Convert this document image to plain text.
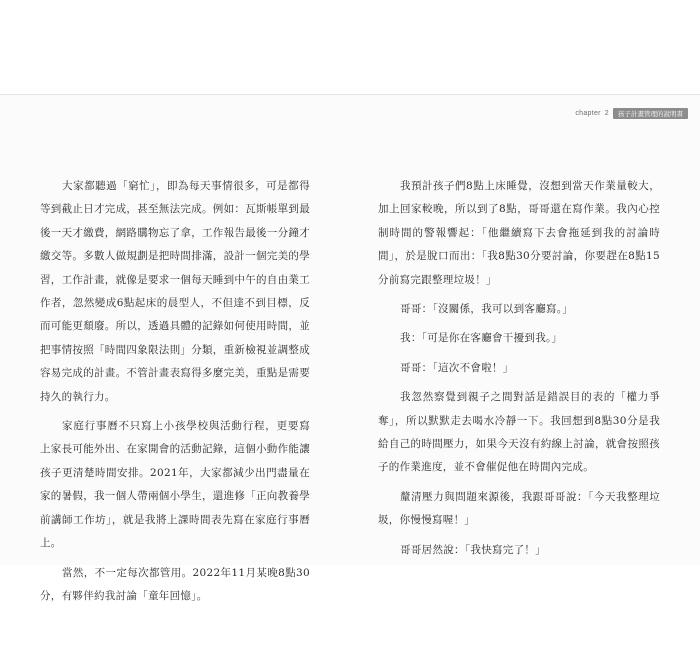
chapter 2	孩子計畫管理的說明書

大家都聽過「窮忙」，即為每天事情很多，可是都得等到截止日才完成，甚至無法完成。例如：瓦斯帳單到最後一天才繳費，網路購物忘了拿，工作報告最後一分鐘才繳交等。多數人做規劃是把時間排滿，設計一個完美的學習，工作計畫，就像是要求一個每天睡到中午的自由業工作者，忽然變成6點起床的晨型人，不但達不到目標，反而可能更頹廢。所以，透過具體的記錄如何使用時間，並把事情按照「時間四象限法則」分類，重新檢視並調整成容易完成的計畫。不管計畫表寫得多麼完美，重點是需要持久的執行力。

家庭行事曆不只寫上小孩學校與活動行程，更要寫上家長可能外出、在家開會的活動記錄，這個小動作能讓孩子更清楚時間安排。2021年，大家都減少出門盡量在家的暑假，我一個人帶兩個小學生，還進修「正向教養學前講師工作坊」，就是我將上課時間表先寫在家庭行事曆上。

當然，不一定每次都管用。2022年11月某晚8點30分，有夥伴約我討論「童年回憶」。

我預計孩子們8點上床睡覺，沒想到當天作業量較大，加上回家較晚，所以到了8點，哥哥還在寫作業。我內心控制時間的警報響起：「他繼續寫下去會拖延到我的討論時間」，於是脫口而出：「我8點30分要討論，你要趕在8點15分前寫完跟整理垃圾！」

哥哥：「沒關係，我可以到客廳寫。」

我：「可是你在客廳會干擾到我。」

哥哥：「這次不會啦！」

我忽然察覺到親子之間對話是錯誤目的表的「權力爭奪」，所以默默走去喝水冷靜一下。我回想到8點30分是我給自己的時間壓力，如果今天沒有約線上討論，就會按照孩子的作業進度，並不會催促他在時間內完成。

釐清壓力與問題來源後，我跟哥哥說：「今天我整理垃圾，你慢慢寫喔！」

哥哥居然說：「我快寫完了！」
